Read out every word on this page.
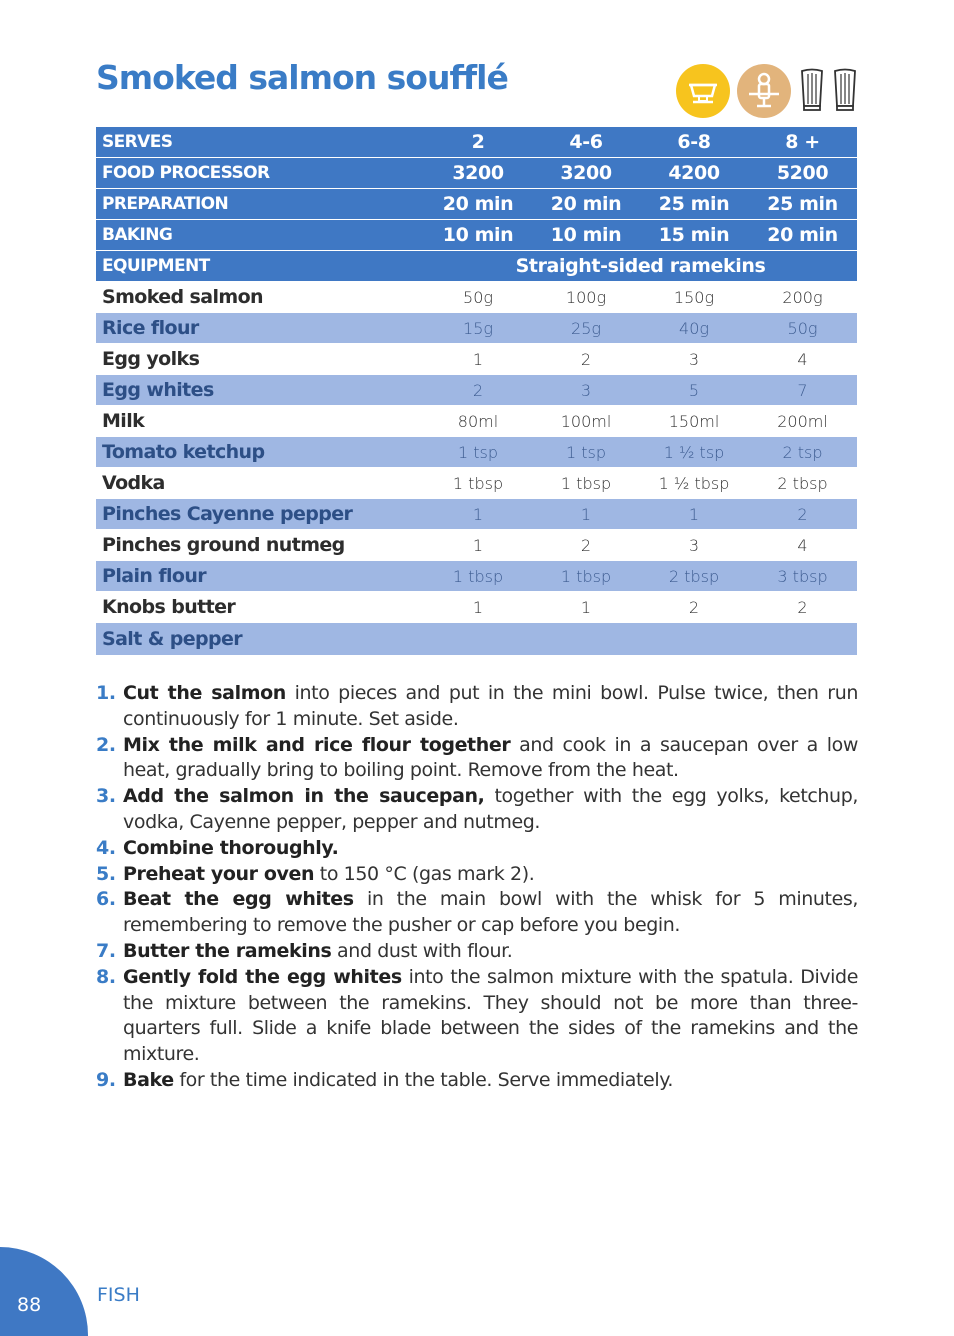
Smoked salmon soufflé
SERVES	2	4-6	6-8	8 +
FOOD PROCESSOR	3200	3200	4200	5200
PREPARATION	20 min	20 min	25 min	25 min
BAKING	10 min	10 min	15 min	20 min
EQUIPMENT	Straight-sided ramekins			
Smoked salmon	50g	100g	150g	200g
Rice flour	15g	25g	40g	50g
Egg yolks	1	2	3	4
Egg whites	2	3	5	7
Milk	80ml	100ml	150ml	200ml
Tomato ketchup	1 tsp	1 tsp	1 ½ tsp	2 tsp
Vodka	1 tbsp	1 tbsp	1 ½ tbsp	2 tbsp
Pinches Cayenne pepper	1	1	1	2
Pinches ground nutmeg	1	2	3	4
Plain flour	1 tbsp	1 tbsp	2 tbsp	3 tbsp
Knobs butter	1	1	2	2
Salt & pepper				
1. Cut the salmon into pieces and put in the mini bowl. Pulse twice, then run continuously for 1 minute. Set aside.
2. Mix the milk and rice flour together and cook in a saucepan over a low heat, gradually bring to boiling point. Remove from the heat.
3. Add the salmon in the saucepan, together with the egg yolks, ketchup, vodka, Cayenne pepper, pepper and nutmeg.
4. Combine thoroughly.
5. Preheat your oven to 150 °C (gas mark 2).
6. Beat the egg whites in the main bowl with the whisk for 5 minutes, remembering to remove the pusher or cap before you begin.
7. Butter the ramekins and dust with flour.
8. Gently fold the egg whites into the salmon mixture with the spatula. Divide the mixture between the ramekins. They should not be more than three-quarters full. Slide a knife blade between the sides of the ramekins and the mixture.
9. Bake for the time indicated in the table. Serve immediately.
88	FISH
